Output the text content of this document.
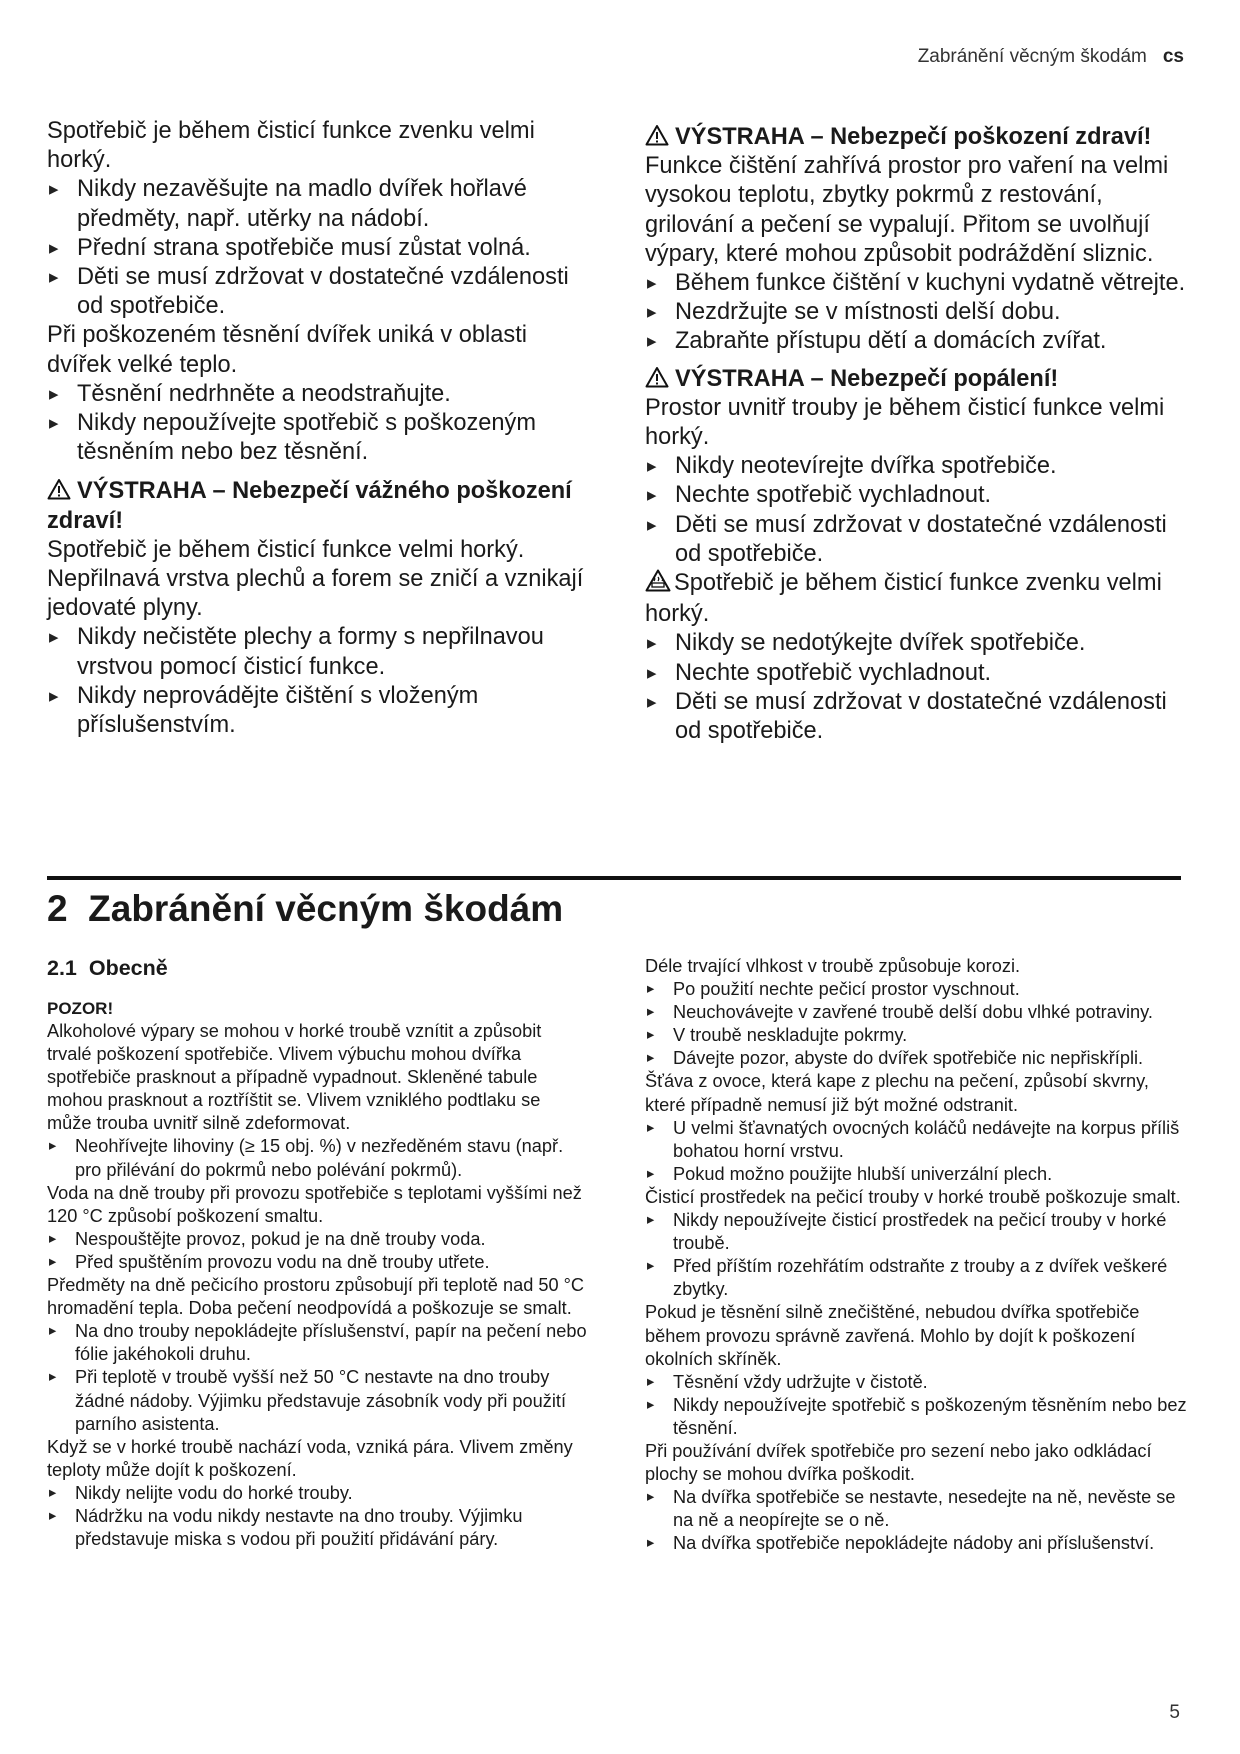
Zabránění věcným škodám cs

Spotřebič je během čisticí funkce zvenku velmi horký.

▸ Nikdy nezavěšujte na madlo dvířek hořlavé předměty, např. utěrky na nádobí.

▸ Přední strana spotřebiče musí zůstat volná.

▸ Děti se musí zdržovat v dostatečné vzdálenosti od spotřebiče.

Při poškozeném těsnění dvířek uniká v oblasti dvířek velké teplo.

▸ Těsnění nedrhněte a neodstraňujte.

▸ Nikdy nepoužívejte spotřebič s poškozeným těsněním nebo bez těsnění.

VÝSTRAHA – Nebezpečí vážného poškození zdraví!

Spotřebič je během čisticí funkce velmi horký. Nepřilnavá vrstva plechů a forem se zničí a vznikají jedovaté plyny.

▸ Nikdy nečistěte plechy a formy s nepřilnavou vrstvou pomocí čisticí funkce.

▸ Nikdy neprovádějte čištění s vloženým příslušenstvím.

VÝSTRAHA – Nebezpečí poškození zdraví!

Funkce čištění zahřívá prostor pro vaření na velmi vysokou teplotu, zbytky pokrmů z restování, grilování a pečení se vypalují. Přitom se uvolňují výpary, které mohou způsobit podráždění sliznic.

▸ Během funkce čištění v kuchyni vydatně větrejte.

▸ Nezdržujte se v místnosti delší dobu.

▸ Zabraňte přístupu dětí a domácích zvířat.

VÝSTRAHA – Nebezpečí popálení!

Prostor uvnitř trouby je během čisticí funkce velmi horký.

▸ Nikdy neotevírejte dvířka spotřebiče.

▸ Nechte spotřebič vychladnout.

▸ Děti se musí zdržovat v dostatečné vzdálenosti od spotřebiče.

Spotřebič je během čisticí funkce zvenku velmi horký.

▸ Nikdy se nedotýkejte dvířek spotřebiče.

▸ Nechte spotřebič vychladnout.

▸ Děti se musí zdržovat v dostatečné vzdálenosti od spotřebiče.

2 Zabránění věcným škodám
2.1 Obecně

POZOR!

Alkoholové výpary se mohou v horké troubě vznítit a způsobit trvalé poškození spotřebiče. Vlivem výbuchu mohou dvířka spotřebiče prasknout a případně vypadnout. Skleněné tabule mohou prasknout a roztříštit se. Vlivem vzniklého podtlaku se může trouba uvnitř silně zdeformovat.

▸ Neohřívejte lihoviny (≥ 15 obj. %) v nezředěném stavu (např. pro přilévání do pokrmů nebo polévání pokrmů).

Voda na dně trouby při provozu spotřebiče s teplotami vyššími než 120 °C způsobí poškození smaltu.

▸ Nespouštějte provoz, pokud je na dně trouby voda.

▸ Před spuštěním provozu vodu na dně trouby utřete.

Předměty na dně pečicího prostoru způsobují při teplotě nad 50 °C hromadění tepla. Doba pečení neodpovídá a poškozuje se smalt.

▸ Na dno trouby nepokládejte příslušenství, papír na pečení nebo fólie jakéhokoli druhu.

▸ Při teplotě v troubě vyšší než 50 °C nestavte na dno trouby žádné nádoby. Výjimku představuje zásobník vody při použití parního asistenta.

Když se v horké troubě nachází voda, vzniká pára. Vlivem změny teploty může dojít k poškození.

▸ Nikdy nelijte vodu do horké trouby.

▸ Nádržku na vodu nikdy nestavte na dno trouby. Výjimku představuje miska s vodou při použití přidávání páry.

Déle trvající vlhkost v troubě způsobuje korozi.

▸ Po použití nechte pečicí prostor vyschnout.

▸ Neuchovávejte v zavřené troubě delší dobu vlhké potraviny.

▸ V troubě neskladujte pokrmy.

▸ Dávejte pozor, abyste do dvířek spotřebiče nic nepřiskřípli.

Šťáva z ovoce, která kape z plechu na pečení, způsobí skvrny, které případně nemusí již být možné odstranit.

▸ U velmi šťavnatých ovocných koláčů nedávejte na korpus příliš bohatou horní vrstvu.

▸ Pokud možno použijte hlubší univerzální plech.

Čisticí prostředek na pečicí trouby v horké troubě poškozuje smalt.

▸ Nikdy nepoužívejte čisticí prostředek na pečicí trouby v horké troubě.

▸ Před příštím rozehřátím odstraňte z trouby a z dvířek veškeré zbytky.

Pokud je těsnění silně znečištěné, nebudou dvířka spotřebiče během provozu správně zavřená. Mohlo by dojít k poškození okolních skříněk.

▸ Těsnění vždy udržujte v čistotě.

▸ Nikdy nepoužívejte spotřebič s poškozeným těsněním nebo bez těsnění.

Při používání dvířek spotřebiče pro sezení nebo jako odkládací plochy se mohou dvířka poškodit.

▸ Na dvířka spotřebiče se nestavte, nesedejte na ně, nevěste se na ně a neopírejte se o ně.

▸ Na dvířka spotřebiče nepokládejte nádoby ani příslušenství.

5
